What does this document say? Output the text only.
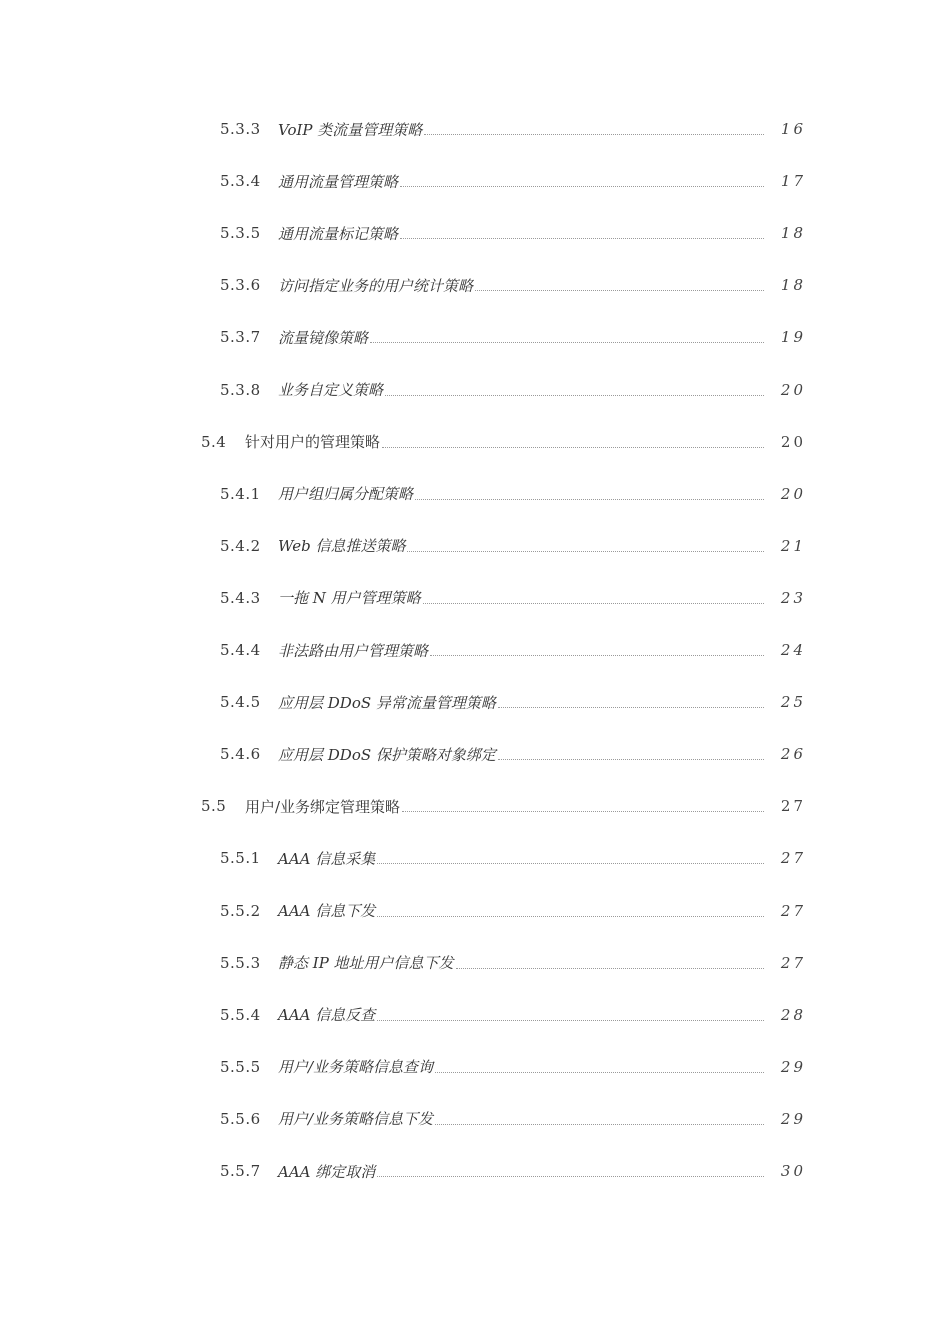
5.3.3	VoIP 类流量管理策略	16
5.3.4	通用流量管理策略	17
5.3.5	通用流量标记策略	18
5.3.6	访问指定业务的用户统计策略	18
5.3.7	流量镜像策略	19
5.3.8	业务自定义策略	20
5.4	针对用户的管理策略	20
5.4.1	用户组归属分配策略	20
5.4.2	Web 信息推送策略	21
5.4.3	一拖 N 用户管理策略	23
5.4.4	非法路由用户管理策略	24
5.4.5	应用层 DDoS 异常流量管理策略	25
5.4.6	应用层 DDoS 保护策略对象绑定	26
5.5	用户/业务绑定管理策略	27
5.5.1	AAA 信息采集	27
5.5.2	AAA 信息下发	27
5.5.3	静态 IP 地址用户信息下发	27
5.5.4	AAA 信息反查	28
5.5.5	用户/业务策略信息查询	29
5.5.6	用户/业务策略信息下发	29
5.5.7	AAA 绑定取消	30
